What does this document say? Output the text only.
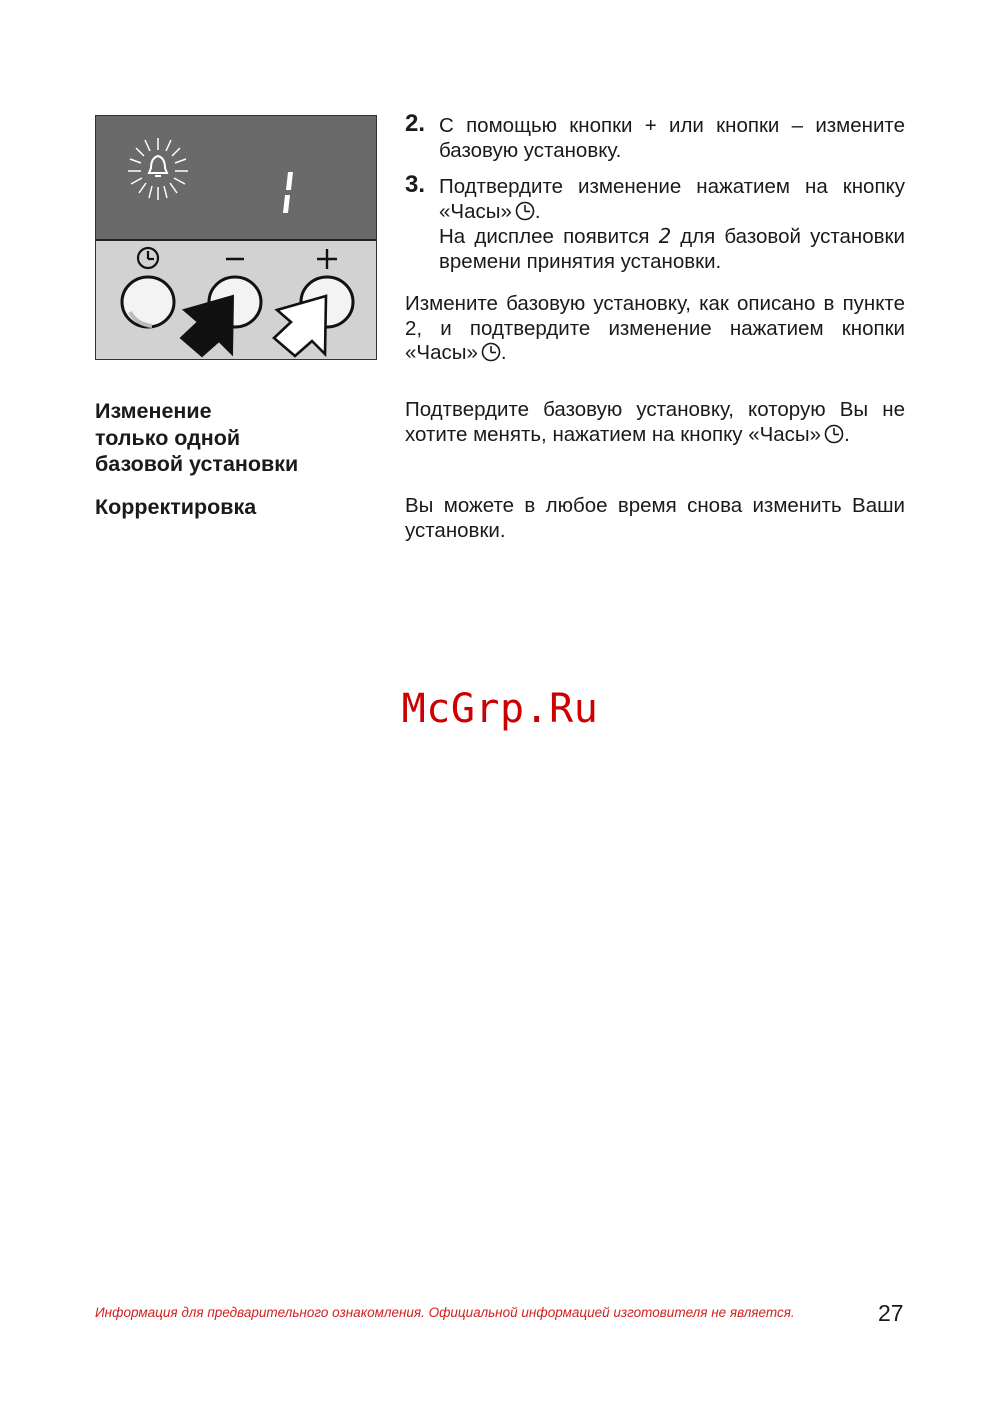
2. С помощью кнопки + или кнопки – измените базовую установку.
3. Подтвердите изменение нажатием на кнопку «Часы» .
На дисплее появится 2 для базовой установки времени принятия установки.
Измените базовую установку, как описано в пункте 2, и подтвердите изменение нажатием кнопки «Часы» .
Изменение
только одной
базовой установки
Подтвердите базовую установку, которую Вы не хотите менять, нажатием на кнопку «Часы» .
Корректировка	Вы можете в любое время снова изменить Ваши установки.
McGrp.Ru
Информация для предварительного ознакомления. Официальной информацией изготовителя не является.	27
